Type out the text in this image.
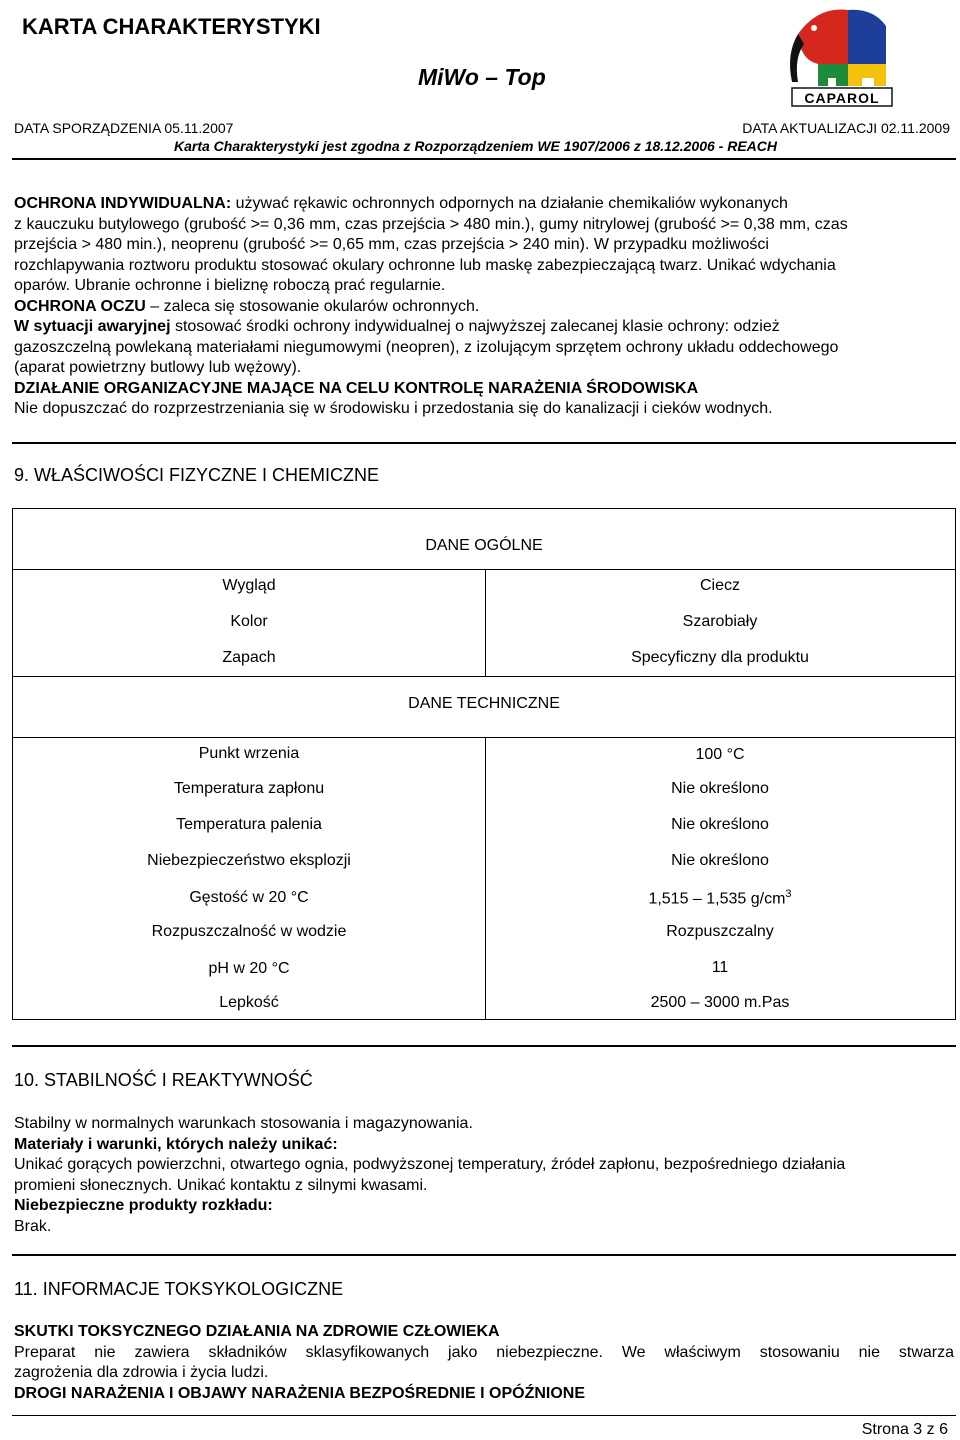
KARTA CHARAKTERYSTYKI
MiWo – Top
CAPAROL
DATA SPORZĄDZENIA 05.11.2007	DATA AKTUALIZACJI 02.11.2009
Karta Charakterystyki jest zgodna z Rozporządzeniem WE 1907/2006 z 18.12.2006 - REACH

OCHRONA INDYWIDUALNA: używać rękawic ochronnych odpornych na działanie chemikaliów wykonanych

z kauczuku butylowego (grubość >= 0,36 mm, czas przejścia > 480 min.), gumy nitrylowej (grubość >= 0,38 mm, czas

przejścia > 480 min.), neoprenu (grubość >= 0,65 mm, czas przejścia > 240 min). W przypadku możliwości

rozchlapywania roztworu produktu stosować okulary ochronne lub maskę zabezpieczającą twarz. Unikać wdychania

oparów. Ubranie ochronne i bieliznę roboczą prać regularnie.

OCHRONA OCZU – zaleca się stosowanie okularów ochronnych.

W sytuacji awaryjnej stosować środki ochrony indywidualnej o najwyższej zalecanej klasie ochrony: odzież

gazoszczelną powlekaną materiałami niegumowymi (neopren), z izolującym sprzętem ochrony układu oddechowego

(aparat powietrzny butlowy lub wężowy).

DZIAŁANIE ORGANIZACYJNE MAJĄCE NA CELU KONTROLĘ NARAŻENIA ŚRODOWISKA

Nie dopuszczać do rozprzestrzeniania się w środowisku i przedostania się do kanalizacji i cieków wodnych.

9. WŁAŚCIWOŚCI FIZYCZNE I CHEMICZNE
DANE OGÓLNE
Wygląd	Ciecz
Kolor	Szarobiały
Zapach	Specyficzny dla produktu
DANE TECHNICZNE
Punkt wrzenia	100 °C
Temperatura zapłonu	Nie określono
Temperatura palenia	Nie określono
Niebezpieczeństwo eksplozji	Nie określono
Gęstość w 20 °C	1,515 – 1,535 $g/cm^3$
Rozpuszczalność w wodzie	Rozpuszczalny
pH w 20 °C	11
Lepkość	2500 – 3000 m.Pas
10. STABILNOŚĆ I REAKTYWNOŚĆ
Stabilny w normalnych warunkach stosowania i magazynowania.
Materiały i warunki, których należy unikać:
Unikać gorących powierzchni, otwartego ognia, podwyższonej temperatury, źródeł zapłonu, bezpośredniego działania
promieni słonecznych. Unikać kontaktu z silnymi kwasami.
Niebezpieczne produkty rozkładu:
Brak.
11. INFORMACJE TOKSYKOLOGICZNE
SKUTKI TOKSYCZNEGO DZIAŁANIA NA ZDROWIE CZŁOWIEKA
Preparat nie zawiera składników sklasyfikowanych jako niebezpieczne. We właściwym stosowaniu nie stwarza
zagrożenia dla zdrowia i życia ludzi.
DROGI NARAŻENIA I OBJAWY NARAŻENIA BEZPOŚREDNIE I OPÓŹNIONE
Strona 3 z 6
